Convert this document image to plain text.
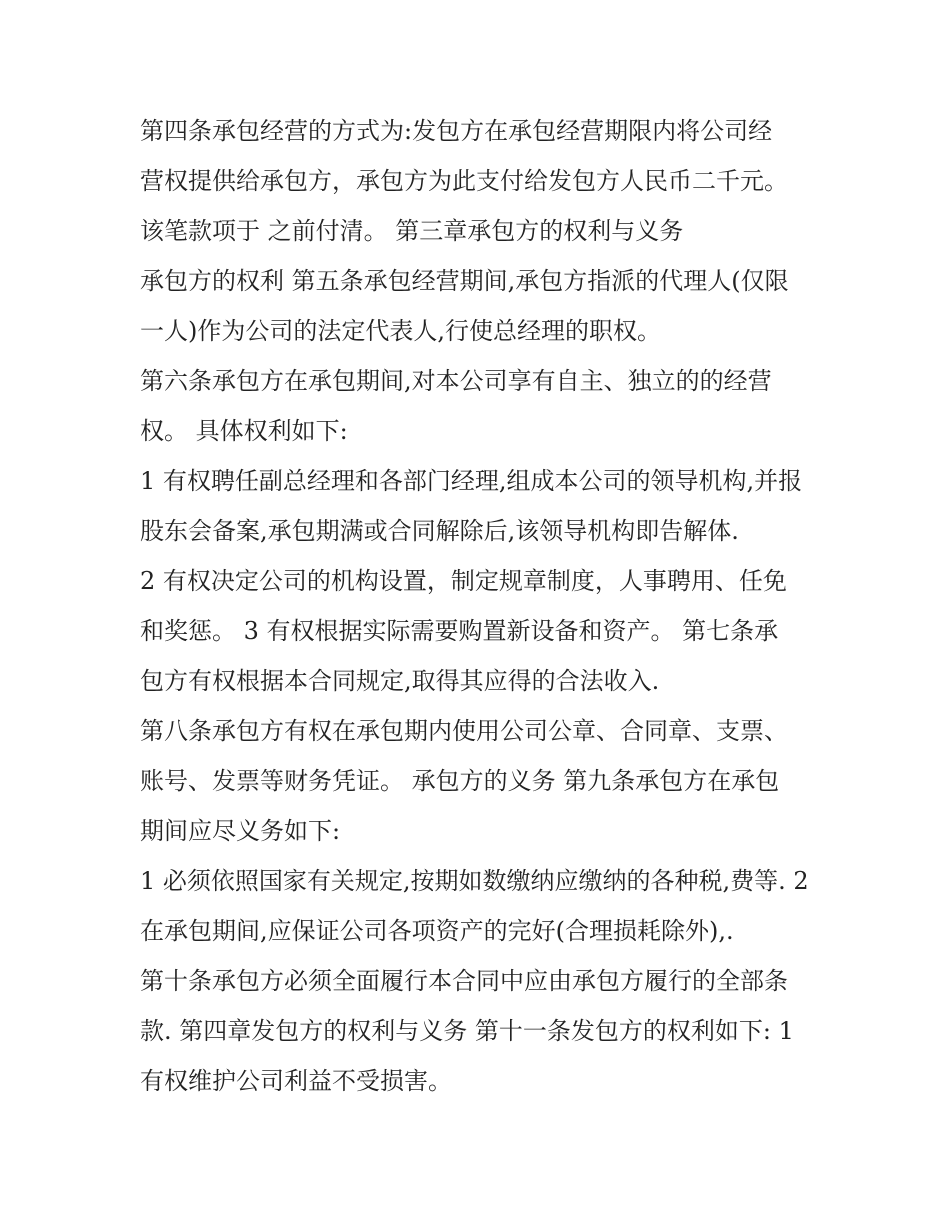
第四条承包经营的方式为:发包方在承包经营期限内将公司经

营权提供给承包方，承包方为此支付给发包方人民币二千元。

该笔款项于 之前付清。 第三章承包方的权利与义务

承包方的权利 第五条承包经营期间,承包方指派的代理人(仅限

一人)作为公司的法定代表人,行使总经理的职权。

第六条承包方在承包期间,对本公司享有自主、独立的的经营

权。 具体权利如下:

1 有权聘任副总经理和各部门经理,组成本公司的领导机构,并报

股东会备案,承包期满或合同解除后,该领导机构即告解体.

2 有权决定公司的机构设置，制定规章制度，人事聘用、任免

和奖惩。 3 有权根据实际需要购置新设备和资产。 第七条承

包方有权根据本合同规定,取得其应得的合法收入.

第八条承包方有权在承包期内使用公司公章、合同章、支票、

账号、发票等财务凭证。 承包方的义务 第九条承包方在承包

期间应尽义务如下:

1 必须依照国家有关规定,按期如数缴纳应缴纳的各种税,费等. 2

在承包期间,应保证公司各项资产的完好(合理损耗除外),.

第十条承包方必须全面履行本合同中应由承包方履行的全部条

款. 第四章发包方的权利与义务 第十一条发包方的权利如下: 1

有权维护公司利益不受损害。
